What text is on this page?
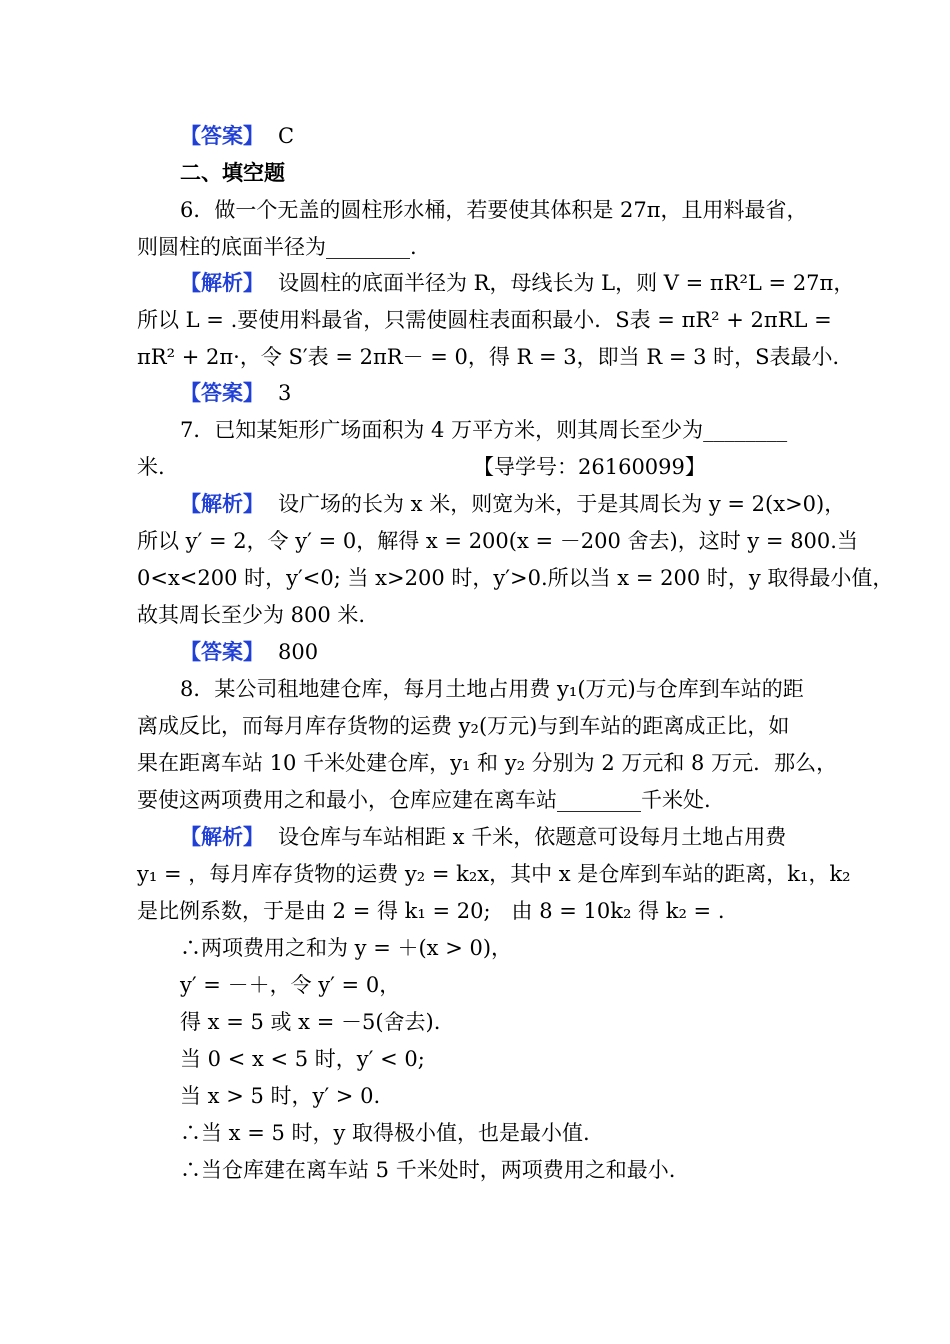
【答案】 C
二、填空题
6．做一个无盖的圆柱形水桶，若要使其体积是 27π，且用料最省，
则圆柱的底面半径为________.
【解析】 设圆柱的底面半径为 R，母线长为 L，则 V = πR²L = 27π，
所以 L = .要使用料最省，只需使圆柱表面积最小．S表 = πR² + 2πRL =
πR² + 2π·，令 S′表 = 2πR－ = 0，得 R = 3，即当 R = 3 时，S表最小．
【答案】 3
7．已知某矩形广场面积为 4 万平方米，则其周长至少为________
米.	【导学号：26160099】
【解析】 设广场的长为 x 米，则宽为米，于是其周长为 y = 2(x>0)，
所以 y′ = 2，令 y′ = 0，解得 x = 200(x = －200 舍去)，这时 y = 800.当
0<x<200 时，y′<0; 当 x>200 时，y′>0.所以当 x = 200 时，y 取得最小值，
故其周长至少为 800 米.
【答案】 800
8．某公司租地建仓库，每月土地占用费 y₁(万元)与仓库到车站的距
离成反比，而每月库存货物的运费 y₂(万元)与到车站的距离成正比，如
果在距离车站 10 千米处建仓库，y₁ 和 y₂ 分别为 2 万元和 8 万元．那么，
要使这两项费用之和最小，仓库应建在离车站________千米处.
【解析】 设仓库与车站相距 x 千米，依题意可设每月土地占用费
y₁ = ，每月库存货物的运费 y₂ = k₂x，其中 x 是仓库到车站的距离，k₁，k₂
是比例系数，于是由 2 = 得 k₁ = 20;　由 8 = 10k₂ 得 k₂ = .
∴两项费用之和为 y = ＋(x > 0)，
y′ = －＋，令 y′ = 0，
得 x = 5 或 x = －5(舍去).
当 0 < x < 5 时，y′ < 0;
当 x > 5 时，y′ > 0.
∴当 x = 5 时，y 取得极小值，也是最小值.
∴当仓库建在离车站 5 千米处时，两项费用之和最小.
